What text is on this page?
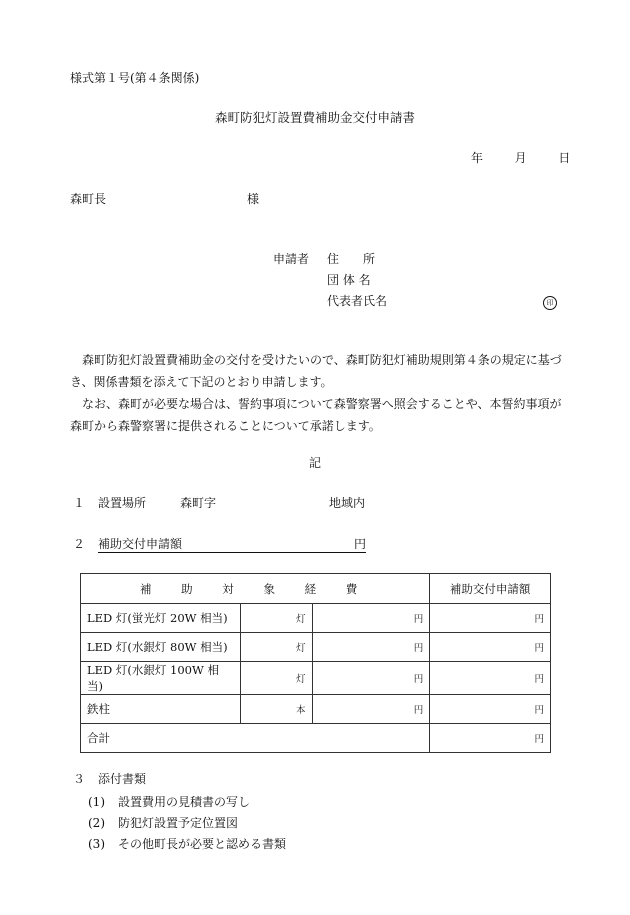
様式第１号(第４条関係)
森町防犯灯設置費補助金交付申請書
年	月	日
森町長	様
申請者 住　　所
団 体 名
代表者氏名	印

森町防犯灯設置費補助金の交付を受けたいので、森町防犯灯補助規則第４条の規定に基づき、関係書類を添えて下記のとおり申請します。

なお、森町が必要な場合は、誓約事項について森警察署へ照会することや、本誓約事項が森町から森警察署に提供されることについて承諾します。

記
１ 設置場所	森町字	地域内
２ 補助交付申請額	円
補 助 対 象 経 費			補助交付申請額
LED 灯(蛍光灯 20W 相当)	灯	円	円
LED 灯(水銀灯 80W 相当)	灯	円	円
LED 灯(水銀灯 100W 相当)	灯	円	円
鉄柱	本	円	円
合計			円
３ 添付書類
(1) 設置費用の見積書の写し
(2) 防犯灯設置予定位置図
(3) その他町長が必要と認める書類
